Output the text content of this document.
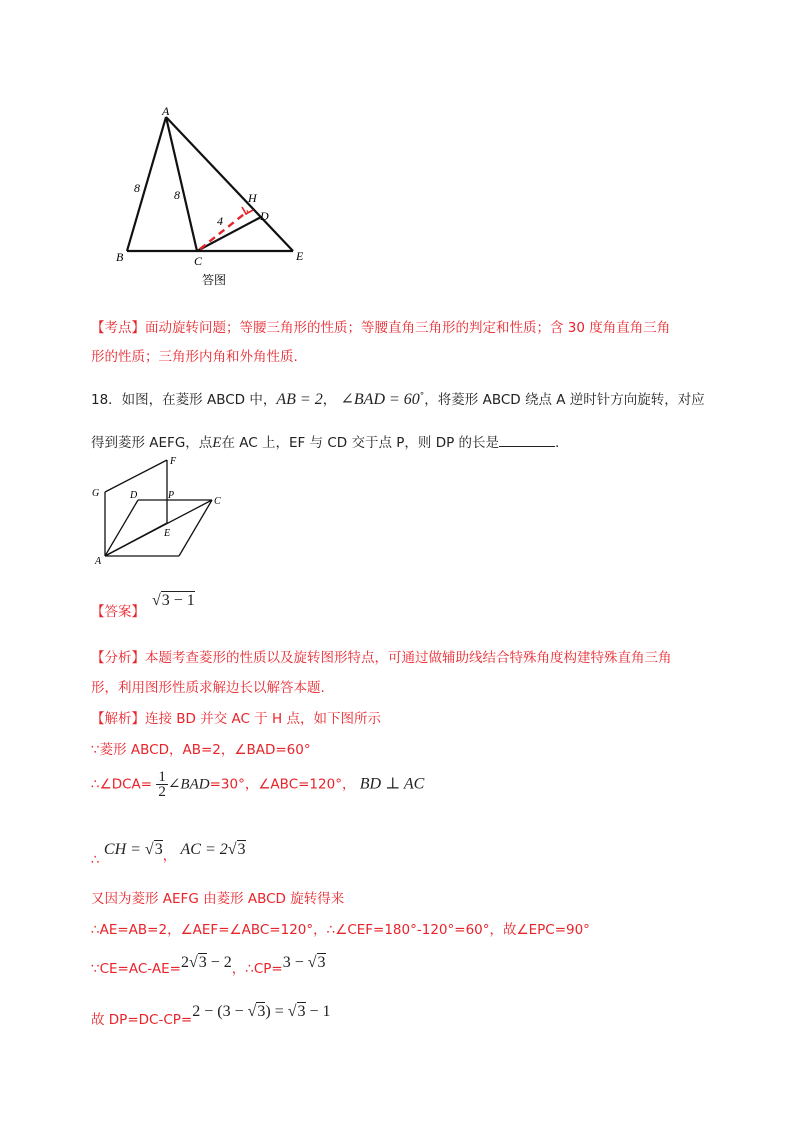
A
B	C
D
E
H
8	8
4
答图
【考点】面动旋转问题；等腰三角形的性质；等腰直角三角形的判定和性质；含 30 度角直角三角
形的性质；三角形内角和外角性质.
18．如图，在菱形 ABCD 中，AB = 2， ∠BAD = 60°，将菱形 ABCD 绕点 A 逆时针方向旋转，对应
得到菱形 AEFG，点E在 AC 上，EF 与 CD 交于点 P，则 DP 的长是	.
A
C
D
E
F
G	P
【答案】
√3 − 1
【分析】本题考查菱形的性质以及旋转图形特点，可通过做辅助线结合特殊角度构建特殊直角三角
形，利用图形性质求解边长以解答本题.
【解析】连接 BD 并交 AC 于 H 点，如下图所示
∵菱形 ABCD，AB=2，∠BAD=60°
∴∠DCA= $\frac{1}{2}$ ∠BAD=30°，∠ABC=120°， BD ⊥ AC
∴ CH = √3， AC = 2√3
又因为菱形 AEFG 由菱形 ABCD 旋转得来
∴AE=AB=2，∠AEF=∠ABC=120°，∴∠CEF=180°-120°=60°，故∠EPC=90°
∵CE=AC-AE=2√3 − 2，∴CP=3 − √3
故 DP=DC-CP=2 − (3 − √3) = √3 − 1
